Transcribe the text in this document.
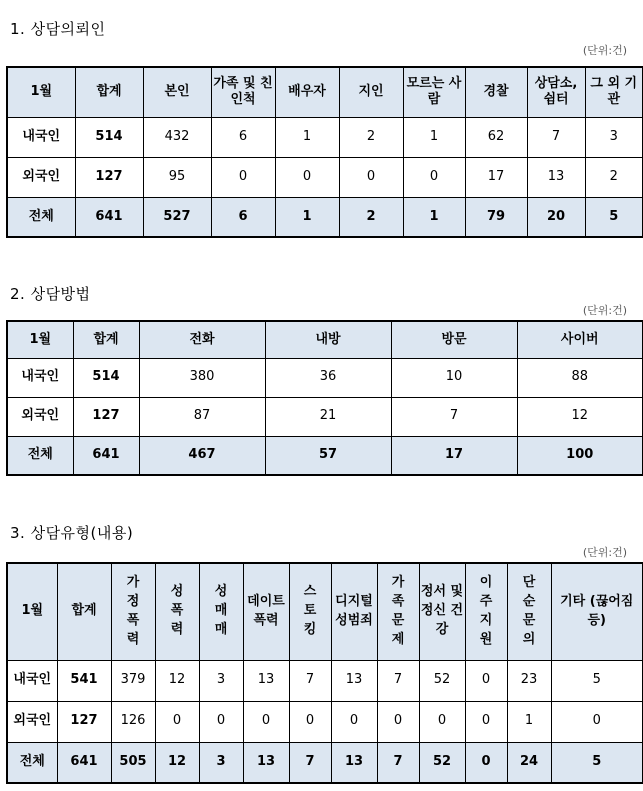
1. 상담의뢰인
(단위:건)
1월	합계	본인	가족 및 친인척	배우자	지인	모르는 사람	경찰	상담소, 쉼터	그 외 기관
내국인	514	432	6	1	2	1	62	7	3
외국인	127	95	0	0	0	0	17	13	2
전체	641	527	6	1	2	1	79	20	5
2. 상담방법
(단위:건)
1월	합계	전화	내방	방문	사이버
내국인	514	380	36	10	88
외국인	127	87	21	7	12
전체	641	467	57	17	100
3. 상담유형(내용)
(단위:건)
1월	합계	가정폭력	성폭력	성매매	데이트 폭력	스토킹	디지털 성범죄	가족문제	정서 및 정신 건강	이주지원	단순문의	기타 (끊어짐 등)
내국인	541	379	12	3	13	7	13	7	52	0	23	5
외국인	127	126	0	0	0	0	0	0	0	0	1	0
전체	641	505	12	3	13	7	13	7	52	0	24	5
